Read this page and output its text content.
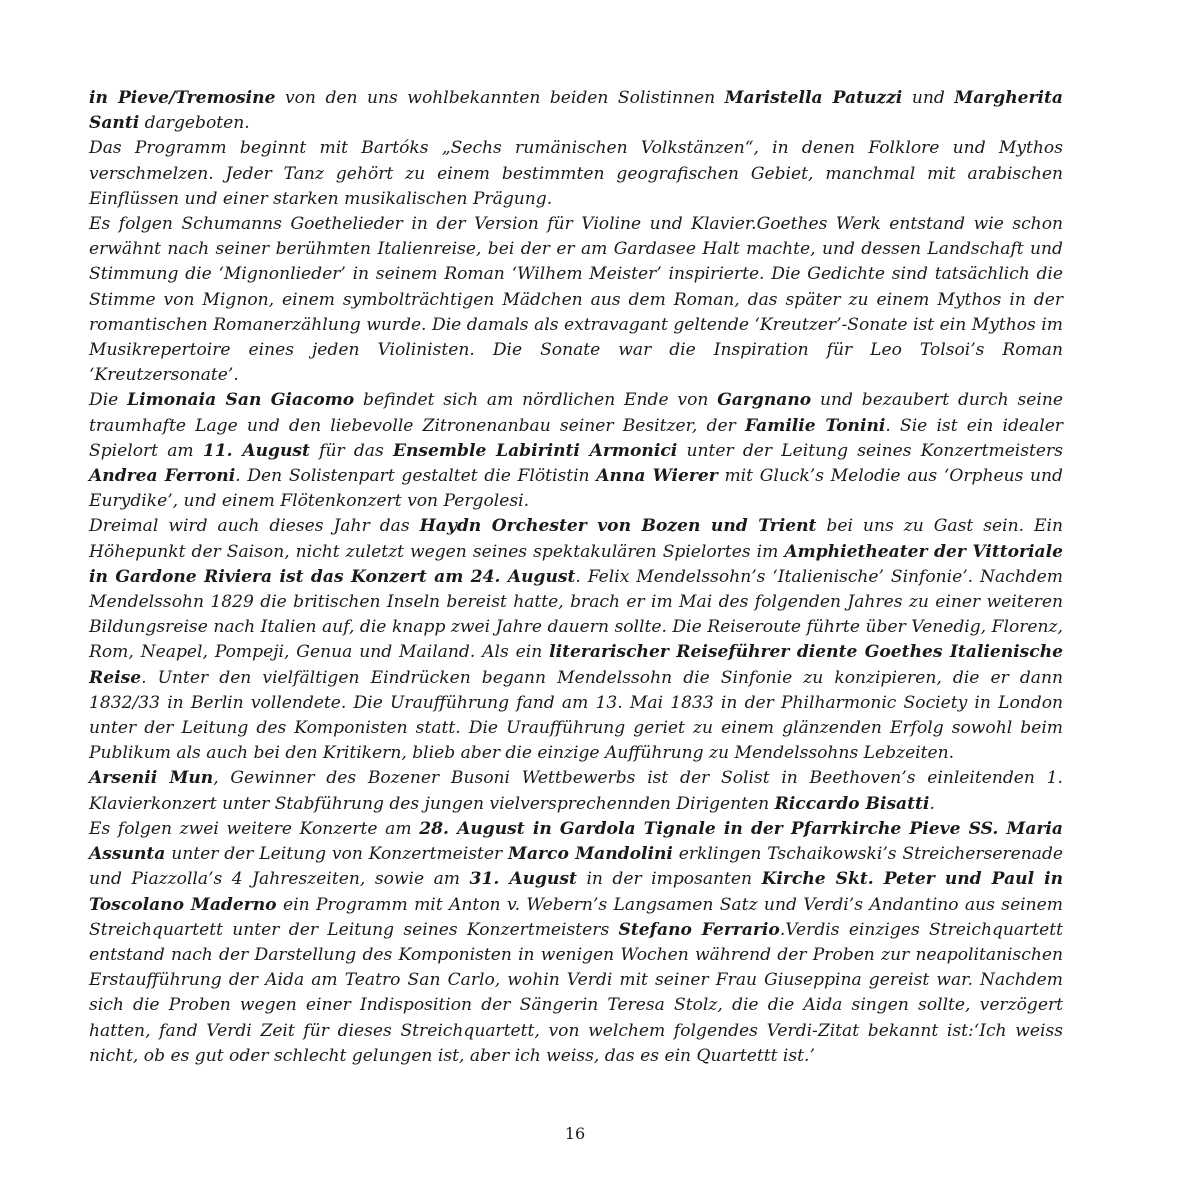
in Pieve/Tremosine von den uns wohlbekannten beiden Solistinnen Maristella Patuzzi und Margherita Santi dargeboten.

Das Programm beginnt mit Bartóks „Sechs rumänischen Volkstänzen“, in denen Folklore und Mythos verschmelzen. Jeder Tanz gehört zu einem bestimmten geografischen Gebiet, manchmal mit arabischen Einflüssen und einer starken musikalischen Prägung.

Es folgen Schumanns Goethelieder in der Version für Violine und Klavier.Goethes Werk entstand wie schon erwähnt nach seiner berühmten Italienreise, bei der er am Gardasee Halt machte, und dessen Landschaft und Stimmung die ‘Mignonlieder’ in seinem Roman ‘Wilhem Meister’ inspirierte. Die Gedichte sind tatsächlich die Stimme von Mignon, einem symbolträchtigen Mädchen aus dem Roman, das später zu einem Mythos in der romantischen Romanerzählung wurde. Die damals als extravagant geltende ‘Kreutzer’-Sonate ist ein Mythos im Musikrepertoire eines jeden Violinisten. Die Sonate war die Inspiration für Leo Tolsoi’s Roman ‘Kreutzersonate’.

Die Limonaia San Giacomo befindet sich am nördlichen Ende von Gargnano und bezaubert durch seine traumhafte Lage und den liebevolle Zitronenanbau seiner Besitzer, der Familie Tonini. Sie ist ein idealer Spielort am 11. August für das Ensemble Labirinti Armonici unter der Leitung seines Konzertmeisters Andrea Ferroni. Den Solistenpart gestaltet die Flötistin Anna Wierer mit Gluck’s Melodie aus ‘Orpheus und Eurydike’, und einem Flötenkonzert von Pergolesi.

Dreimal wird auch dieses Jahr das Haydn Orchester von Bozen und Trient bei uns zu Gast sein. Ein Höhepunkt der Saison, nicht zuletzt wegen seines spektakulären Spielortes im Amphietheater der Vittoriale in Gardone Riviera ist das Konzert am 24. August. Felix Mendelssohn’s ‘Italienische’ Sinfonie’. Nachdem Mendelssohn 1829 die britischen Inseln bereist hatte, brach er im Mai des folgenden Jahres zu einer weiteren Bildungsreise nach Italien auf, die knapp zwei Jahre dauern sollte. Die Reiseroute führte über Venedig, Florenz, Rom, Neapel, Pompeji, Genua und Mailand. Als ein literarischer Reiseführer diente Goethes Italienische Reise. Unter den vielfältigen Eindrücken begann Mendelssohn die Sinfonie zu konzipieren, die er dann 1832/33 in Berlin vollendete. Die Uraufführung fand am 13. Mai 1833 in der Philharmonic Society in London unter der Leitung des Komponisten statt. Die Uraufführung geriet zu einem glänzenden Erfolg sowohl beim Publikum als auch bei den Kritikern, blieb aber die einzige Aufführung zu Mendelssohns Lebzeiten.

Arsenii Mun, Gewinner des Bozener Busoni Wettbewerbs ist der Solist in Beethoven’s einleitenden 1. Klavierkonzert unter Stabführung des jungen vielversprechennden Dirigenten Riccardo Bisatti.

Es folgen zwei weitere Konzerte am 28. August in Gardola Tignale in der Pfarrkirche Pieve SS. Maria Assunta unter der Leitung von Konzertmeister Marco Mandolini erklingen Tschaikowski’s Streicherserenade und Piazzolla’s 4 Jahreszeiten, sowie am 31. August in der imposanten Kirche Skt. Peter und Paul in Toscolano Maderno ein Programm mit Anton v. Webern’s Langsamen Satz und Verdi’s Andantino aus seinem Streichquartett unter der Leitung seines Konzertmeisters Stefano Ferrario.Verdis einziges Streichquartett entstand nach der Darstellung des Komponisten in wenigen Wochen während der Proben zur neapolitanischen Erstaufführung der Aida am Teatro San Carlo, wohin Verdi mit seiner Frau Giuseppina gereist war. Nachdem sich die Proben wegen einer Indisposition der Sängerin Teresa Stolz, die die Aida singen sollte, verzögert hatten, fand Verdi Zeit für dieses Streichquartett, von welchem folgendes Verdi-Zitat bekannt ist:‘Ich weiss nicht, ob es gut oder schlecht gelungen ist, aber ich weiss, das es ein Quartettt ist.’

16
